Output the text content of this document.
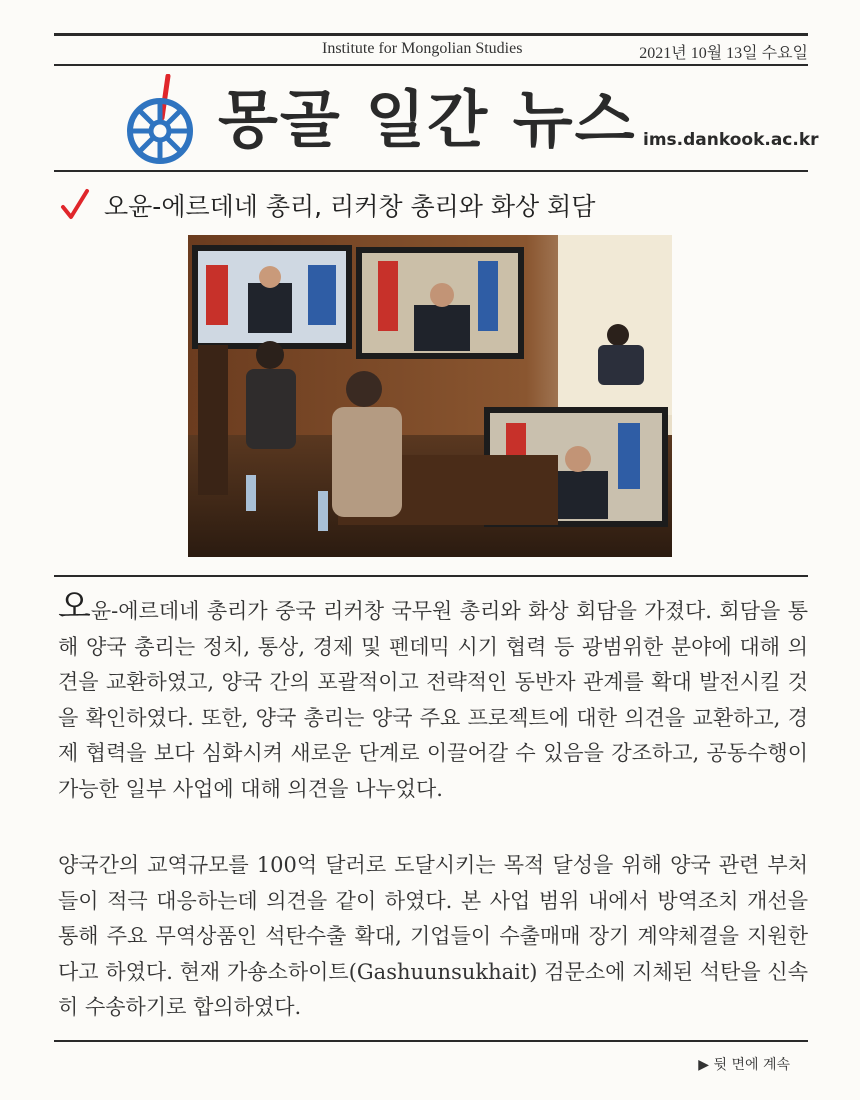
Institute for Mongolian Studies	2021년 10월 13일 수요일
몽골 일간 뉴스 ims.dankook.ac.kr
오윤-에르데네 총리, 리커창 총리와 화상 회담

오윤-에르데네 총리가 중국 리커창 국무원 총리와 화상 회담을 가졌다. 회담을 통해 양국 총리는 정치, 통상, 경제 및 펜데믹 시기 협력 등 광범위한 분야에 대해 의견을 교환하였고, 양국 간의 포괄적이고 전략적인 동반자 관계를 확대 발전시킬 것을 확인하였다. 또한, 양국 총리는 양국 주요 프로젝트에 대한 의견을 교환하고, 경제 협력을 보다 심화시켜 새로운 단계로 이끌어갈 수 있음을 강조하고, 공동수행이 가능한 일부 사업에 대해 의견을 나누었다.

양국간의 교역규모를 100억 달러로 도달시키는 목적 달성을 위해 양국 관련 부처들이 적극 대응하는데 의견을 같이 하였다. 본 사업 범위 내에서 방역조치 개선을 통해 주요 무역상품인 석탄수출 확대, 기업들이 수출매매 장기 계약체결을 지원한다고 하였다. 현재 가숑소하이트(Gashuunsukhait) 검문소에 지체된 석탄을 신속히 수송하기로 합의하였다.

▶ 뒷 면에 계속
